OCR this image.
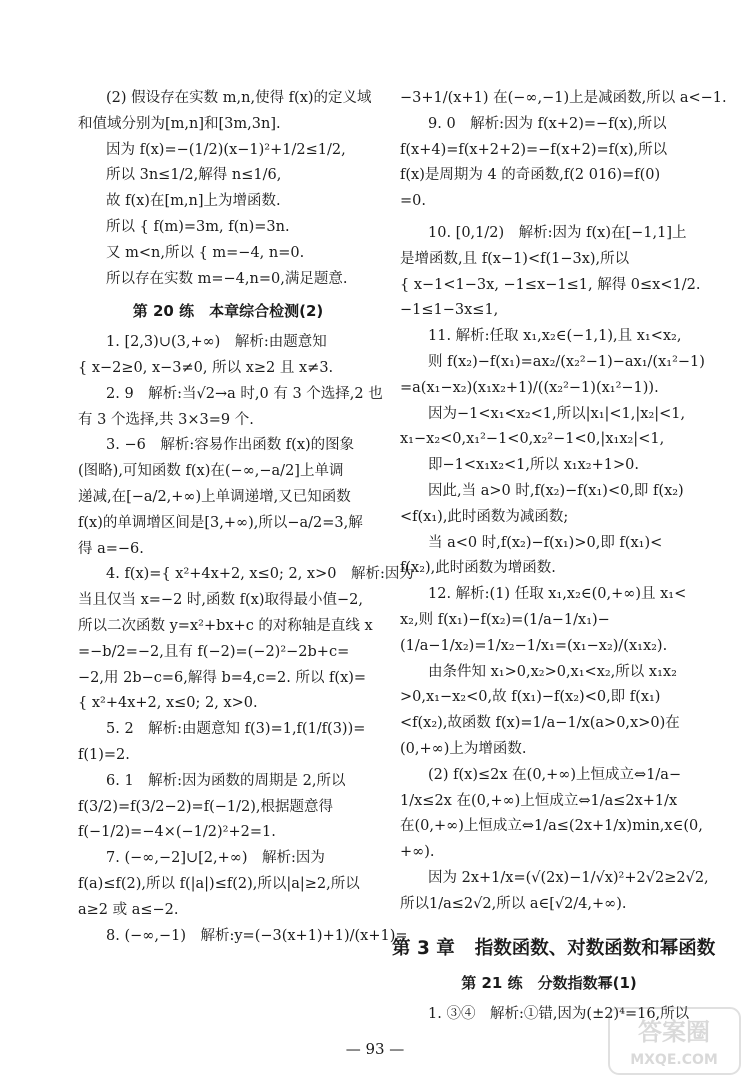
(2) 假设存在实数 m,n,使得 f(x)的定义域
和值域分别为[m,n]和[3m,3n].
因为 f(x)=−(1/2)(x−1)²+1/2≤1/2,
所以 3n≤1/2,解得 n≤1/6,
故 f(x)在[m,n]上为增函数.
所以 { f(m)=3m, f(n)=3n.
又 m<n,所以 { m=−4, n=0.
所以存在实数 m=−4,n=0,满足题意.
第 20 练　本章综合检测(2)
1. [2,3)∪(3,+∞)　解析:由题意知
{ x−2≥0, x−3≠0, 所以 x≥2 且 x≠3.
2. 9　解析:当√2→a 时,0 有 3 个选择,2 也
有 3 个选择,共 3×3=9 个.
3. −6　解析:容易作出函数 f(x)的图象
(图略),可知函数 f(x)在(−∞,−a/2]上单调
递减,在[−a/2,+∞)上单调递增,又已知函数
f(x)的单调增区间是[3,+∞),所以−a/2=3,解
得 a=−6.
4. f(x)={ x²+4x+2, x≤0; 2, x>0　解析:因为
当且仅当 x=−2 时,函数 f(x)取得最小值−2,
所以二次函数 y=x²+bx+c 的对称轴是直线 x
=−b/2=−2,且有 f(−2)=(−2)²−2b+c=
−2,用 2b−c=6,解得 b=4,c=2. 所以 f(x)=
{ x²+4x+2, x≤0; 2, x>0.
5. 2　解析:由题意知 f(3)=1,f(1/f(3))=
f(1)=2.
6. 1　解析:因为函数的周期是 2,所以
f(3/2)=f(3/2−2)=f(−1/2),根据题意得
f(−1/2)=−4×(−1/2)²+2=1.
7. (−∞,−2]∪[2,+∞)　解析:因为
f(a)≤f(2),所以 f(|a|)≤f(2),所以|a|≥2,所以
a≥2 或 a≤−2.
8. (−∞,−1)　解析:y=(−3(x+1)+1)/(x+1)=
−3+1/(x+1) 在(−∞,−1)上是减函数,所以 a<−1.
9. 0　解析:因为 f(x+2)=−f(x),所以
f(x+4)=f(x+2+2)=−f(x+2)=f(x),所以
f(x)是周期为 4 的奇函数,f(2 016)=f(0)
=0.
10. [0,1/2)　解析:因为 f(x)在[−1,1]上
是增函数,且 f(x−1)<f(1−3x),所以
{ x−1<1−3x, −1≤x−1≤1, 解得 0≤x<1/2.
−1≤1−3x≤1,
11. 解析:任取 x₁,x₂∈(−1,1),且 x₁<x₂,
则 f(x₂)−f(x₁)=ax₂/(x₂²−1)−ax₁/(x₁²−1)
=a(x₁−x₂)(x₁x₂+1)/((x₂²−1)(x₁²−1)).
因为−1<x₁<x₂<1,所以|x₁|<1,|x₂|<1,
x₁−x₂<0,x₁²−1<0,x₂²−1<0,|x₁x₂|<1,
即−1<x₁x₂<1,所以 x₁x₂+1>0.
因此,当 a>0 时,f(x₂)−f(x₁)<0,即 f(x₂)
<f(x₁),此时函数为减函数;
当 a<0 时,f(x₂)−f(x₁)>0,即 f(x₁)<
f(x₂),此时函数为增函数.
12. 解析:(1) 任取 x₁,x₂∈(0,+∞)且 x₁<
x₂,则 f(x₁)−f(x₂)=(1/a−1/x₁)−
(1/a−1/x₂)=1/x₂−1/x₁=(x₁−x₂)/(x₁x₂).
由条件知 x₁>0,x₂>0,x₁<x₂,所以 x₁x₂
>0,x₁−x₂<0,故 f(x₁)−f(x₂)<0,即 f(x₁)
<f(x₂),故函数 f(x)=1/a−1/x(a>0,x>0)在
(0,+∞)上为增函数.
(2) f(x)≤2x 在(0,+∞)上恒成立⇔1/a−
1/x≤2x 在(0,+∞)上恒成立⇔1/a≤2x+1/x
在(0,+∞)上恒成立⇔1/a≤(2x+1/x)min,x∈(0,
+∞).
因为 2x+1/x=(√(2x)−1/√x)²+2√2≥2√2,
所以1/a≤2√2,所以 a∈[√2/4,+∞).
第 3 章 指数函数、对数函数和幂函数
第 21 练　分数指数幂(1)
1. ③④　解析:①错,因为(±2)⁴=16,所以
— 93 —
答案圈
MXQE.COM
